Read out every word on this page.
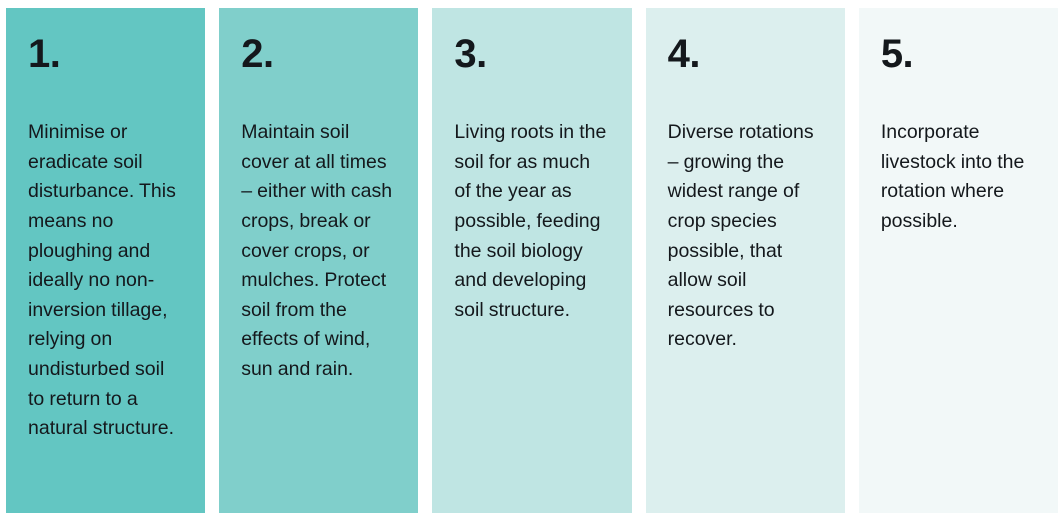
1.
Minimise or eradicate soil disturbance. This means no ploughing and ideally no non-inversion tillage, relying on undisturbed soil to return to a natural structure.
2.
Maintain soil cover at all times – either with cash crops, break or cover crops, or mulches. Protect soil from the effects of wind, sun and rain.
3.
Living roots in the soil for as much of the year as possible, feeding the soil biology and developing soil structure.
4.
Diverse rotations – growing the widest range of crop species possible, that allow soil resources to recover.
5.
Incorporate livestock into the rotation where possible.
